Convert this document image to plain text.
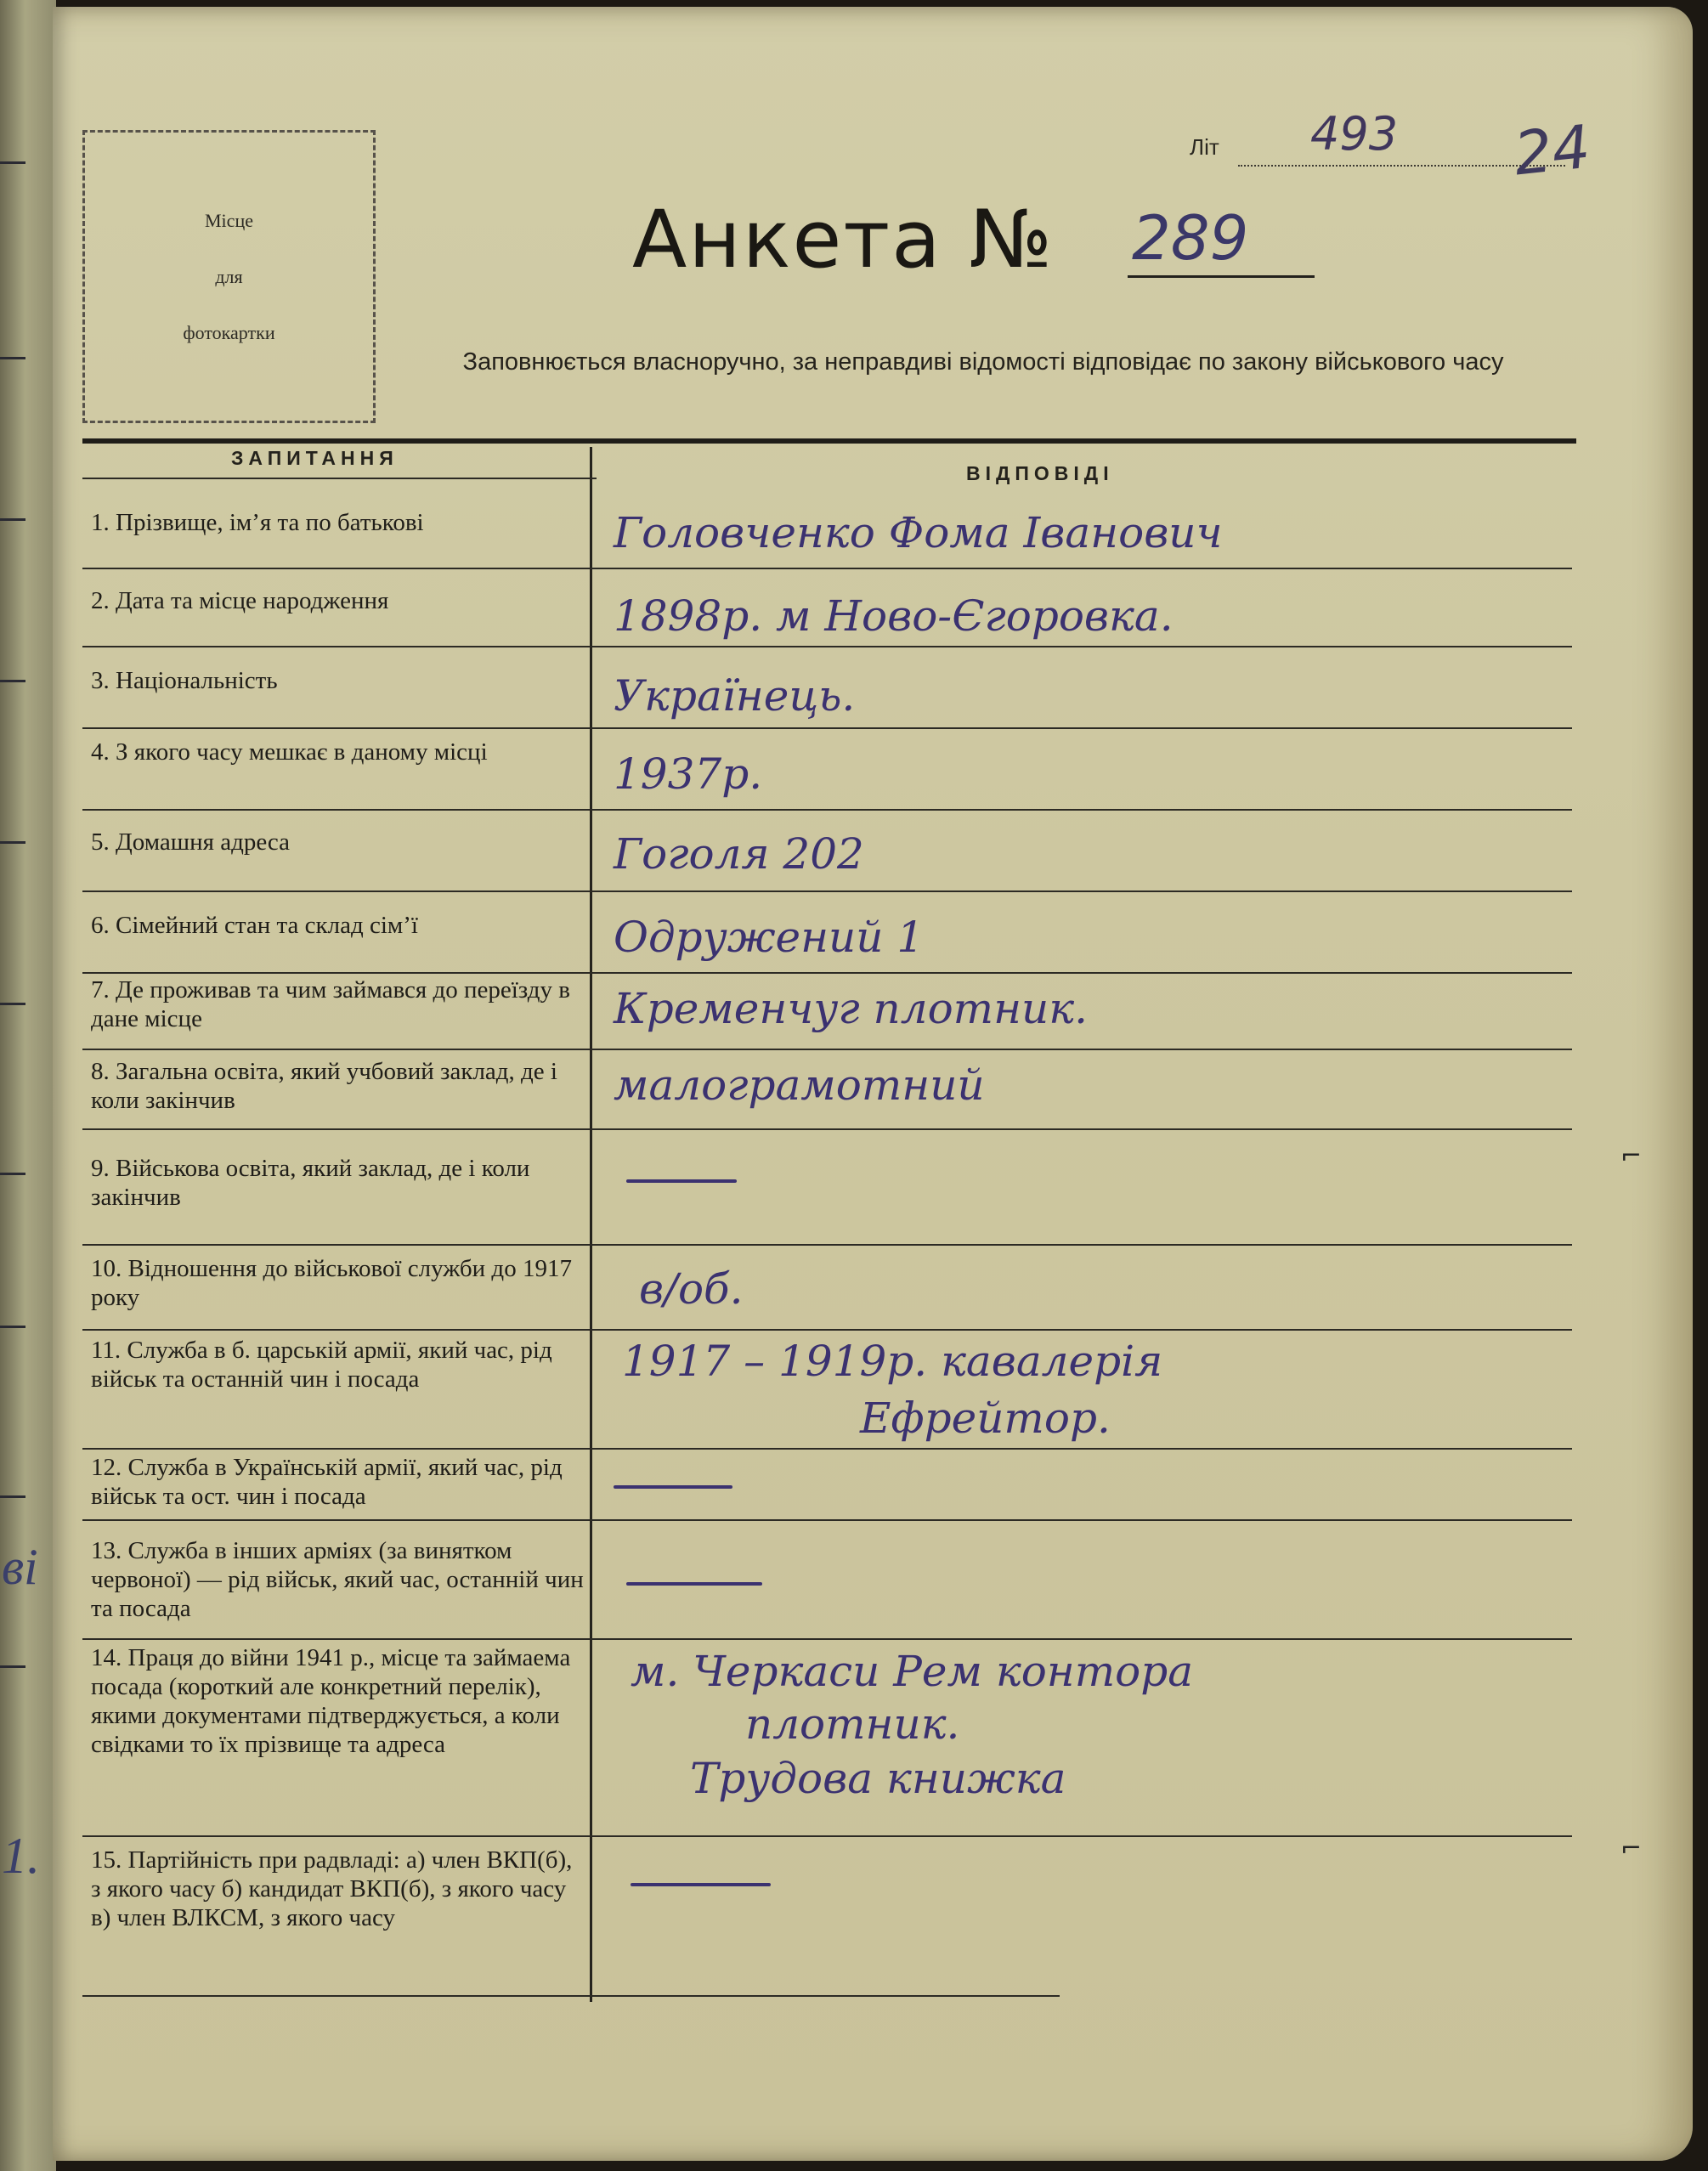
ві
1.
Місце
для
фотокартки
Літ 493 24
Анкета № 289
Заповнюється власноручно, за неправдиві відомості відповідає по закону військового часу
ЗАПИТАННЯ
ВІДПОВІДІ
1. Прізвище, ім’я та по батькові	Головченко Фома Іванович
2. Дата та місце народження	1898р. м Ново-Єгоровка.
3. Національність	Українець.
4. З якого часу мешкає в даному місці	1937р.
5. Домашня адреса	Гоголя 202
6. Сімейний стан та склад сім’ї	Одружений 1
7. Де проживав та чим займався до переїзду в дане місце	Кременчуг плотник.
8. Загальна освіта, який учбовий заклад, де і коли закінчив	малограмотний
9. Військова освіта, який заклад, де і коли закінчив
10. Відношення до військової служби до 1917 року	в/об.
11. Служба в б. царській армії, який час, рід військ та останній чин і посада	1917 – 1919р. кавалерія
Ефрейтор.
12. Служба в Українській армії, який час, рід військ та ост. чин і посада
13. Служба в інших арміях (за винятком червоної) — рід військ, який час, останній чин та посада
14. Праця до війни 1941 р., місце та займаема посада (короткий але конкретний перелік), якими документами підтверджується, а коли свідками то їх прізвище та адреса
м. Черкаси Рем контора
плотник.
Трудова книжка
15. Партійність при радвладі: а) член ВКП(б), з якого часу б) кандидат ВКП(б), з якого часу в) член ВЛКСМ, з якого часу
⌐
⌐
